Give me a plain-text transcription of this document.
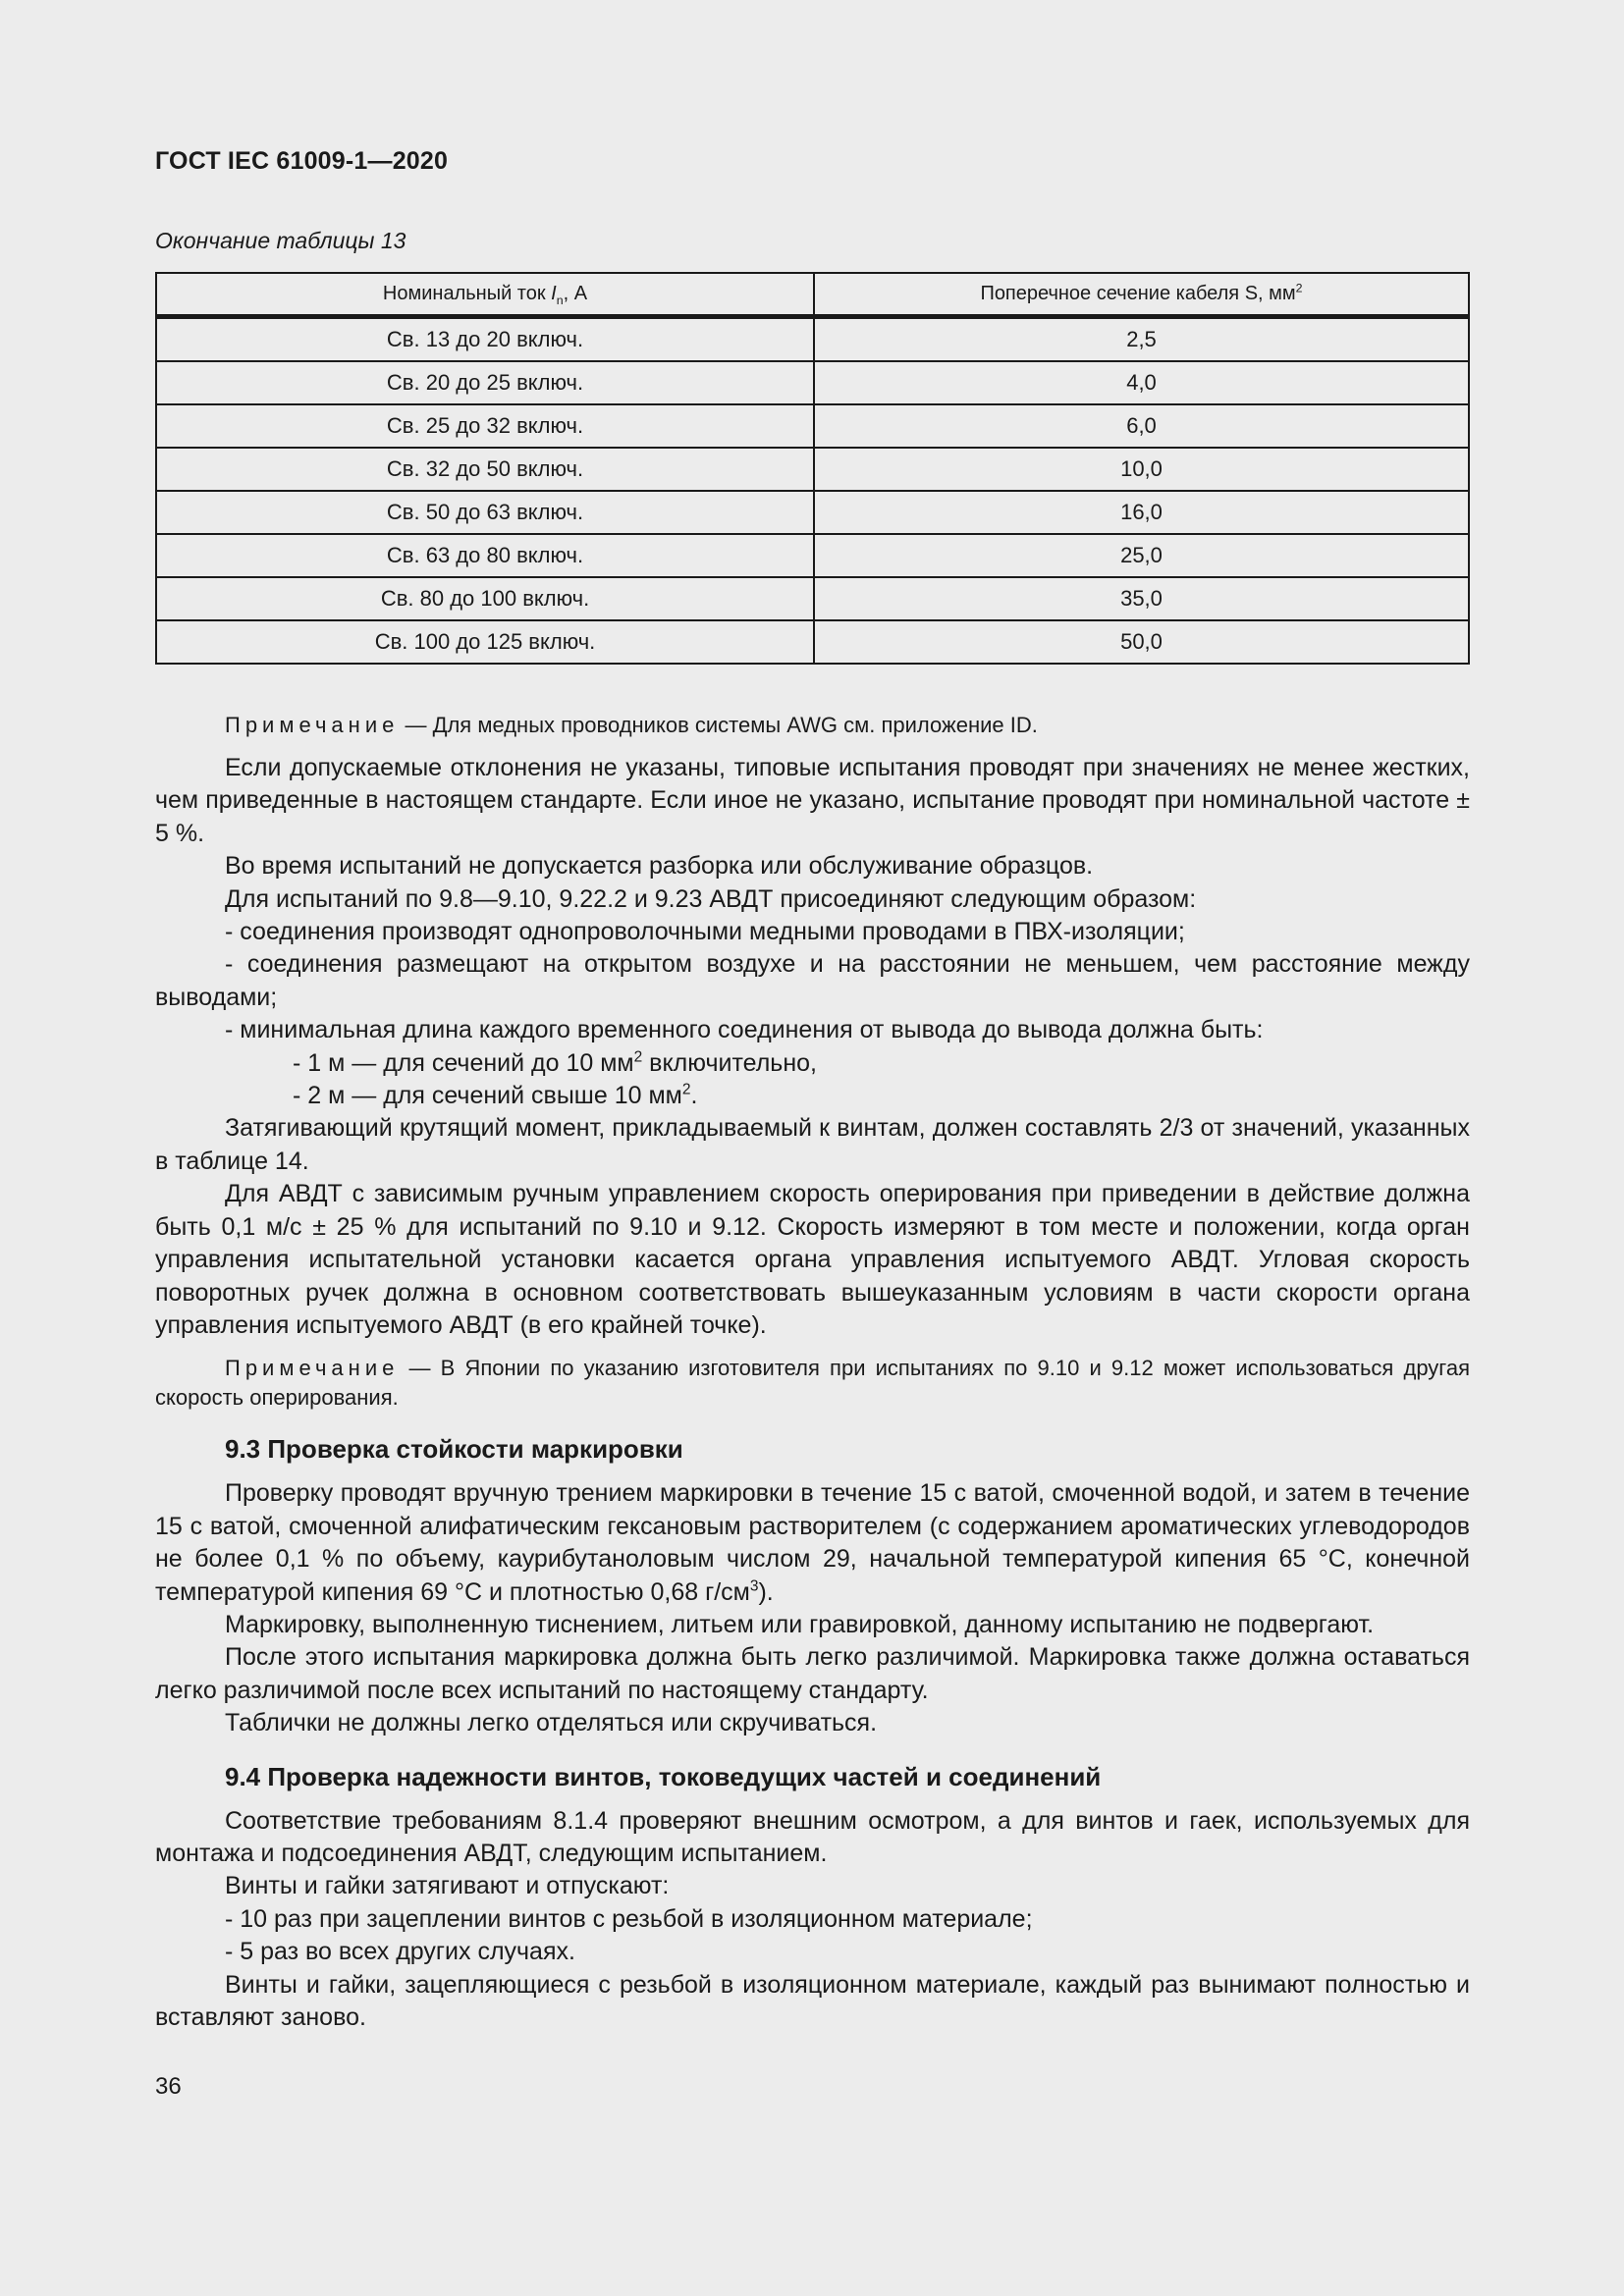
ГОСТ IEC 61009-1—2020
Окончание таблицы 13
Номинальный ток $I_n$, А	Поперечное сечение кабеля S, $мм^2$
Св. 13 до 20 включ.	2,5
Св. 20 до 25 включ.	4,0
Св. 25 до 32 включ.	6,0
Св. 32 до 50 включ.	10,0
Св. 50 до 63 включ.	16,0
Св. 63 до 80 включ.	25,0
Св. 80 до 100 включ.	35,0
Св. 100 до 125 включ.	50,0

Примечание — Для медных проводников системы AWG см. приложение ID.

Если допускаемые отклонения не указаны, типовые испытания проводят при значениях не менее жестких, чем приведенные в настоящем стандарте. Если иное не указано, испытание проводят при номинальной частоте ± 5 %.

Во время испытаний не допускается разборка или обслуживание образцов.

Для испытаний по 9.8—9.10, 9.22.2 и 9.23 АВДТ присоединяют следующим образом:

- соединения производят однопроволочными медными проводами в ПВХ-изоляции;

- соединения размещают на открытом воздухе и на расстоянии не меньшем, чем расстояние между выводами;

- минимальная длина каждого временного соединения от вывода до вывода должна быть:

- 1 м — для сечений до 10 $мм^2$ включительно,

- 2 м — для сечений свыше 10 $мм^2$.

Затягивающий крутящий момент, прикладываемый к винтам, должен составлять 2/3 от значений, указанных в таблице 14.

Для АВДТ с зависимым ручным управлением скорость оперирования при приведении в действие должна быть 0,1 м/с ± 25 % для испытаний по 9.10 и 9.12. Скорость измеряют в том месте и положении, когда орган управления испытательной установки касается органа управления испытуемого АВДТ. Угловая скорость поворотных ручек должна в основном соответствовать вышеуказанным условиям в части скорости органа управления испытуемого АВДТ (в его крайней точке).

Примечание — В Японии по указанию изготовителя при испытаниях по 9.10 и 9.12 может использоваться другая скорость оперирования.

9.3 Проверка стойкости маркировки

Проверку проводят вручную трением маркировки в течение 15 с ватой, смоченной водой, и затем в течение 15 с ватой, смоченной алифатическим гексановым растворителем (с содержанием ароматических углеводородов не более 0,1 % по объему, каурибутаноловым числом 29, начальной температурой кипения 65 °С, конечной температурой кипения 69 °С и плотностью 0,68 $г/см^3$).

Маркировку, выполненную тиснением, литьем или гравировкой, данному испытанию не подвергают.

После этого испытания маркировка должна быть легко различимой. Маркировка также должна оставаться легко различимой после всех испытаний по настоящему стандарту.

Таблички не должны легко отделяться или скручиваться.

9.4 Проверка надежности винтов, токоведущих частей и соединений

Соответствие требованиям 8.1.4 проверяют внешним осмотром, а для винтов и гаек, используемых для монтажа и подсоединения АВДТ, следующим испытанием.

Винты и гайки затягивают и отпускают:

- 10 раз при зацеплении винтов с резьбой в изоляционном материале;

- 5 раз во всех других случаях.

Винты и гайки, зацепляющиеся с резьбой в изоляционном материале, каждый раз вынимают полностью и вставляют заново.

36
